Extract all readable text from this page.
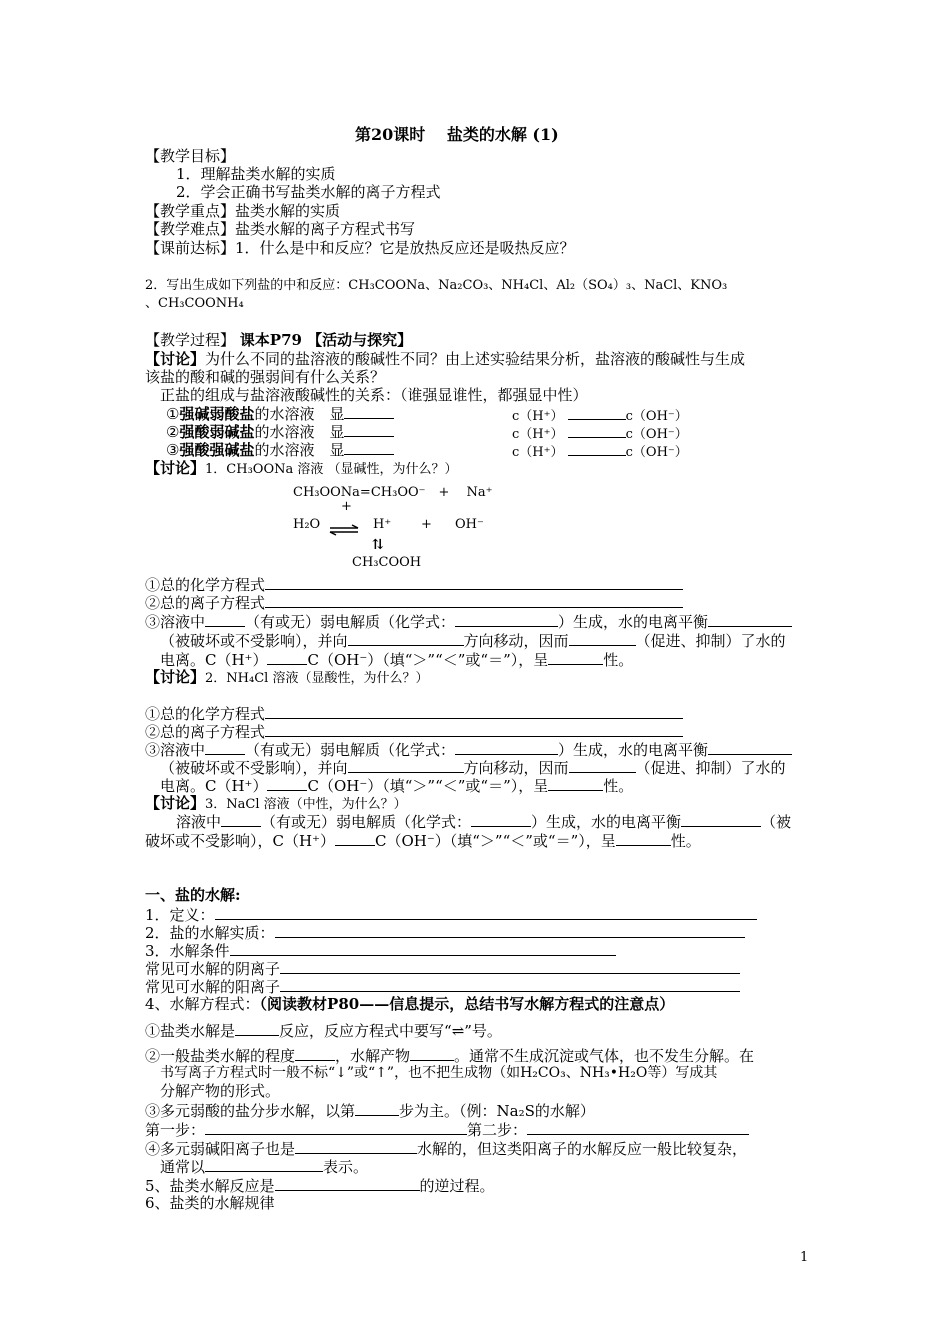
第20课时　 盐类的水解 (1)
【教学目标】
1．理解盐类水解的实质
2．学会正确书写盐类水解的离子方程式
【教学重点】盐类水解的实质
【教学难点】盐类水解的离子方程式书写
【课前达标】1．什么是中和反应？它是放热反应还是吸热反应？
2．写出生成如下列盐的中和反应：CH₃COONa、Na₂CO₃、NH₄Cl、Al₂（SO₄）₃、NaCl、KNO₃
、CH₃COONH₄
【教学过程】 课本P79 【活动与探究】
【讨论】为什么不同的盐溶液的酸碱性不同？由上述实验结果分析，盐溶液的酸碱性与生成
该盐的酸和碱的强弱间有什么关系？
正盐的组成与盐溶液酸碱性的关系：（谁强显谁性，都强显中性）
①强碱弱酸盐的水溶液　显	c（H⁺）	c（OH⁻）
②强酸弱碱盐的水溶液　显	c（H⁺）	c（OH⁻）
③强酸强碱盐的水溶液　显	c（H⁺）	c（OH⁻）
【讨论】1．CH₃OONa 溶液 （显碱性，为什么？）
CH₃OONa=CH₃OO⁻　+　 Na⁺
+
H₂O ⇌ H⁺ + OH⁻
⇅
CH₃COOH
①总的化学方程式
②总的离子方程式
③溶液中	（有或无）弱电解质（化学式：	）生成，水的电离平衡
（被破坏或不受影响），并向	方向移动，因而	（促进、抑制）了水的
电离。C（H⁺）	C（OH⁻）（填“＞”“＜”或“＝”），呈	性。
【讨论】2．NH₄Cl 溶液（显酸性，为什么？）
①总的化学方程式
②总的离子方程式
③溶液中	（有或无）弱电解质（化学式：	）生成，水的电离平衡
（被破坏或不受影响），并向	方向移动，因而	（促进、抑制）了水的
电离。C（H⁺）	C（OH⁻）（填“＞”“＜”或“＝”），呈	性。
【讨论】3．NaCl 溶液（中性，为什么？）
溶液中	（有或无）弱电解质（化学式：	）生成，水的电离平衡	（被
破坏或不受影响），C（H⁺）	C（OH⁻）（填“＞”“＜”或“＝”），呈	性。
一、盐的水解:
1．定义：
2．盐的水解实质：
3．水解条件
常见可水解的阴离子
常见可水解的阳离子
4、水解方程式：（阅读教材P80——信息提示，总结书写水解方程式的注意点）
①盐类水解是	反应，反应方程式中要写“⇌”号。
②一般盐类水解的程度	，水解产物	。通常不生成沉淀或气体，也不发生分解。在
书写离子方程式时一般不标“↓”或“↑”，也不把生成物（如H₂CO₃、NH₃•H₂O等）写成其
分解产物的形式。
③多元弱酸的盐分步水解，以第	步为主。（例：Na₂S的水解）
第一步：	第二步：
④多元弱碱阳离子也是	水解的，但这类阳离子的水解反应一般比较复杂，
通常以	表示。
5、盐类水解反应是	的逆过程。
6、盐类的水解规律
1
